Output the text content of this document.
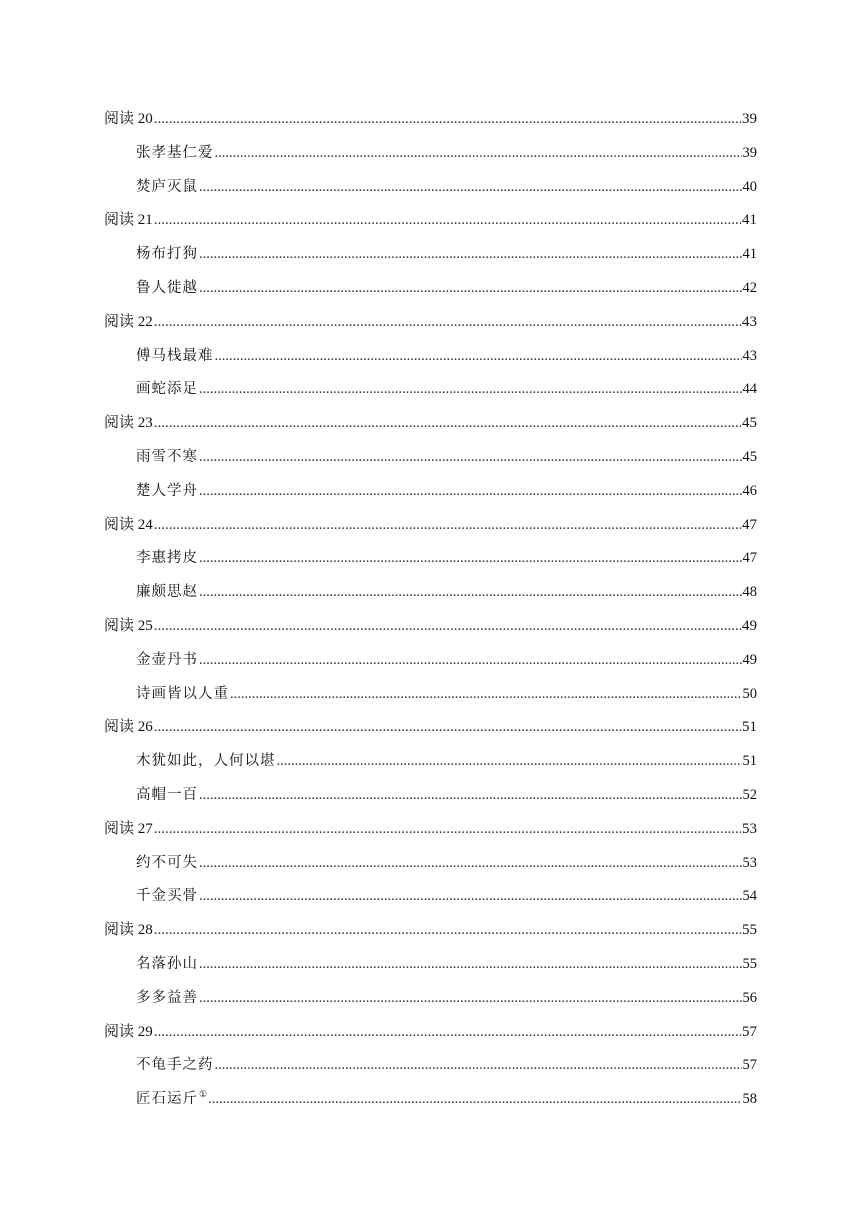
阅读 20 .....	39
张孝基仁爱 .....	39
焚庐灭鼠 .....	40
阅读 21 .....	41
杨布打狗 .....	41
鲁人徙越 .....	42
阅读 22 .....	43
傅马栈最难 .....	43
画蛇添足 .....	44
阅读 23 .....	45
雨雪不寒 .....	45
楚人学舟 .....	46
阅读 24 .....	47
李惠拷皮 .....	47
廉颇思赵 .....	48
阅读 25 .....	49
金壶丹书 .....	49
诗画皆以人重 .....	50
阅读 26 .....	51
木犹如此，人何以堪 .....	51
高帽一百 .....	52
阅读 27 .....	53
约不可失 .....	53
千金买骨 .....	54
阅读 28 .....	55
名落孙山 .....	55
多多益善 .....	56
阅读 29 .....	57
不龟手之药 .....	57
匠石运斤① .....	58
